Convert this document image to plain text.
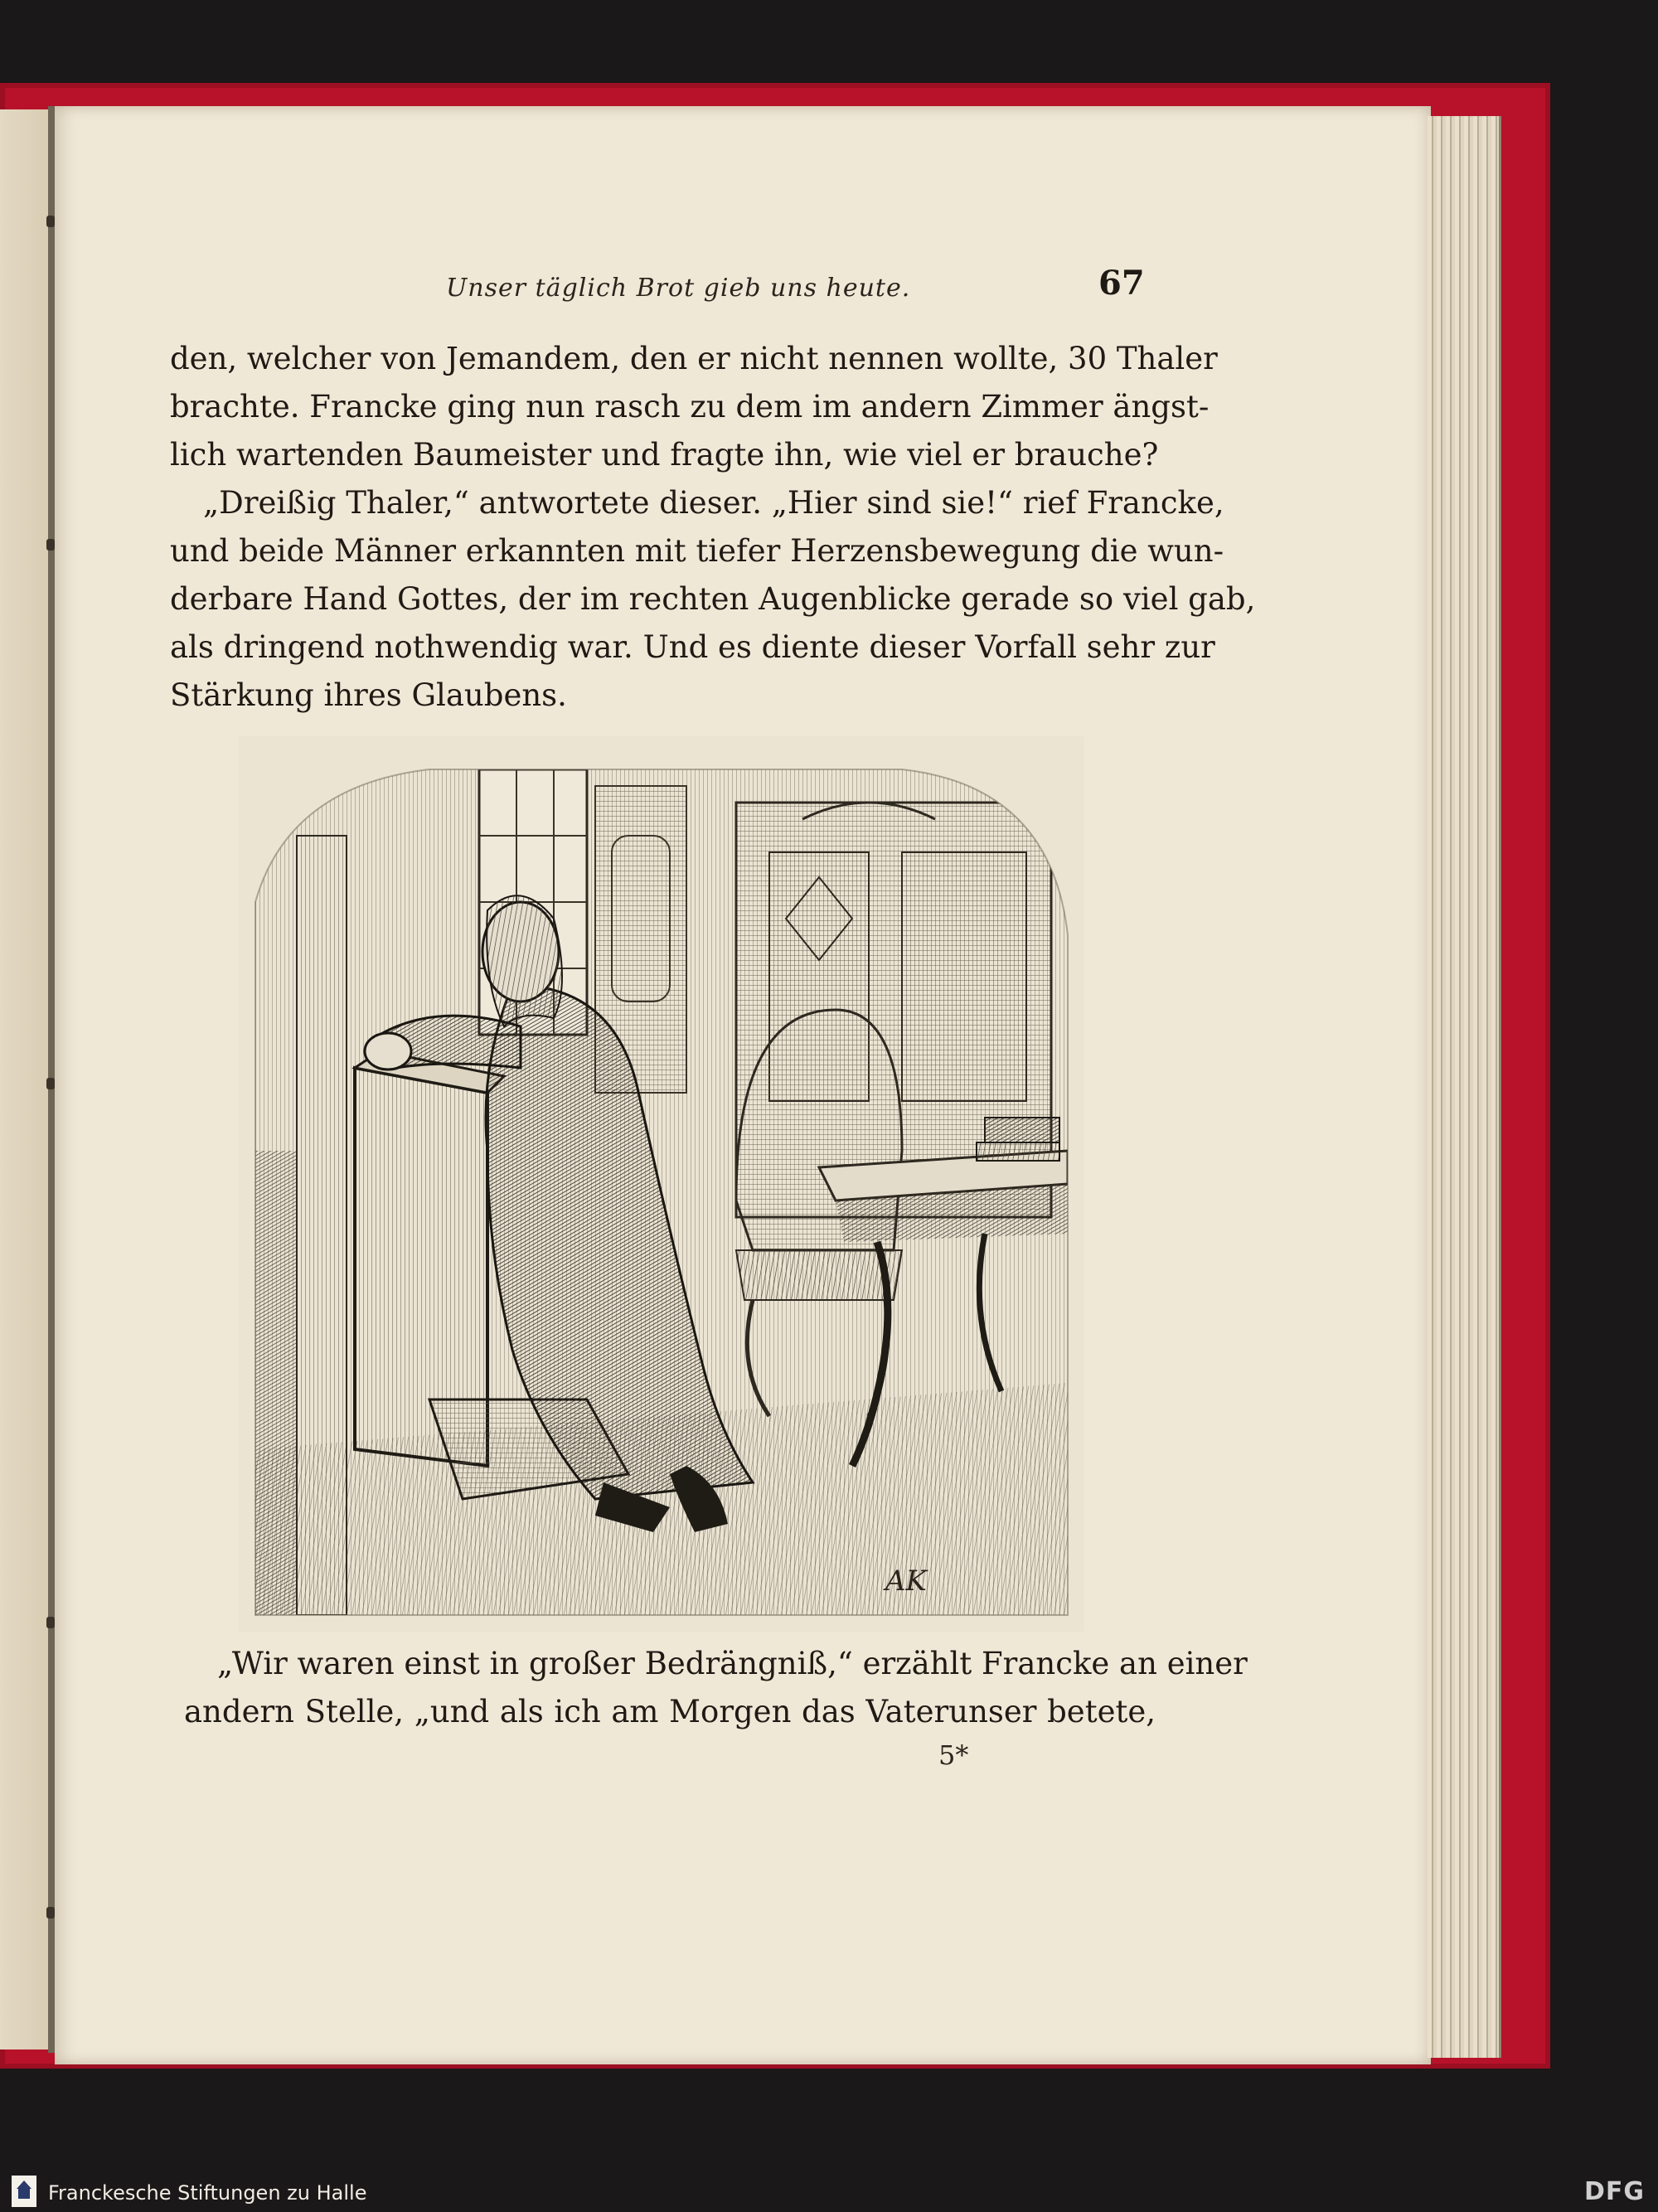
Unser täglich Brot gieb uns heute.	67
den, welcher von Jemandem, den er nicht nennen wollte, 30 Thaler
brachte. Francke ging nun rasch zu dem im andern Zimmer ängst-
lich wartenden Baumeister und fragte ihn, wie viel er brauche?
„Dreißig Thaler,“ antwortete dieser. „Hier sind sie!“ rief Francke,
und beide Männer erkannten mit tiefer Herzensbewegung die wun-
derbare Hand Gottes, der im rechten Augenblicke gerade so viel gab,
als dringend nothwendig war. Und es diente dieser Vorfall sehr zur
Stärkung ihres Glaubens.
AK
„Wir waren einst in großer Bedrängniß,“ erzählt Francke an einer
andern Stelle, „und als ich am Morgen das Vaterunser betete,
5*
Franckesche Stiftungen zu Halle	DFG
